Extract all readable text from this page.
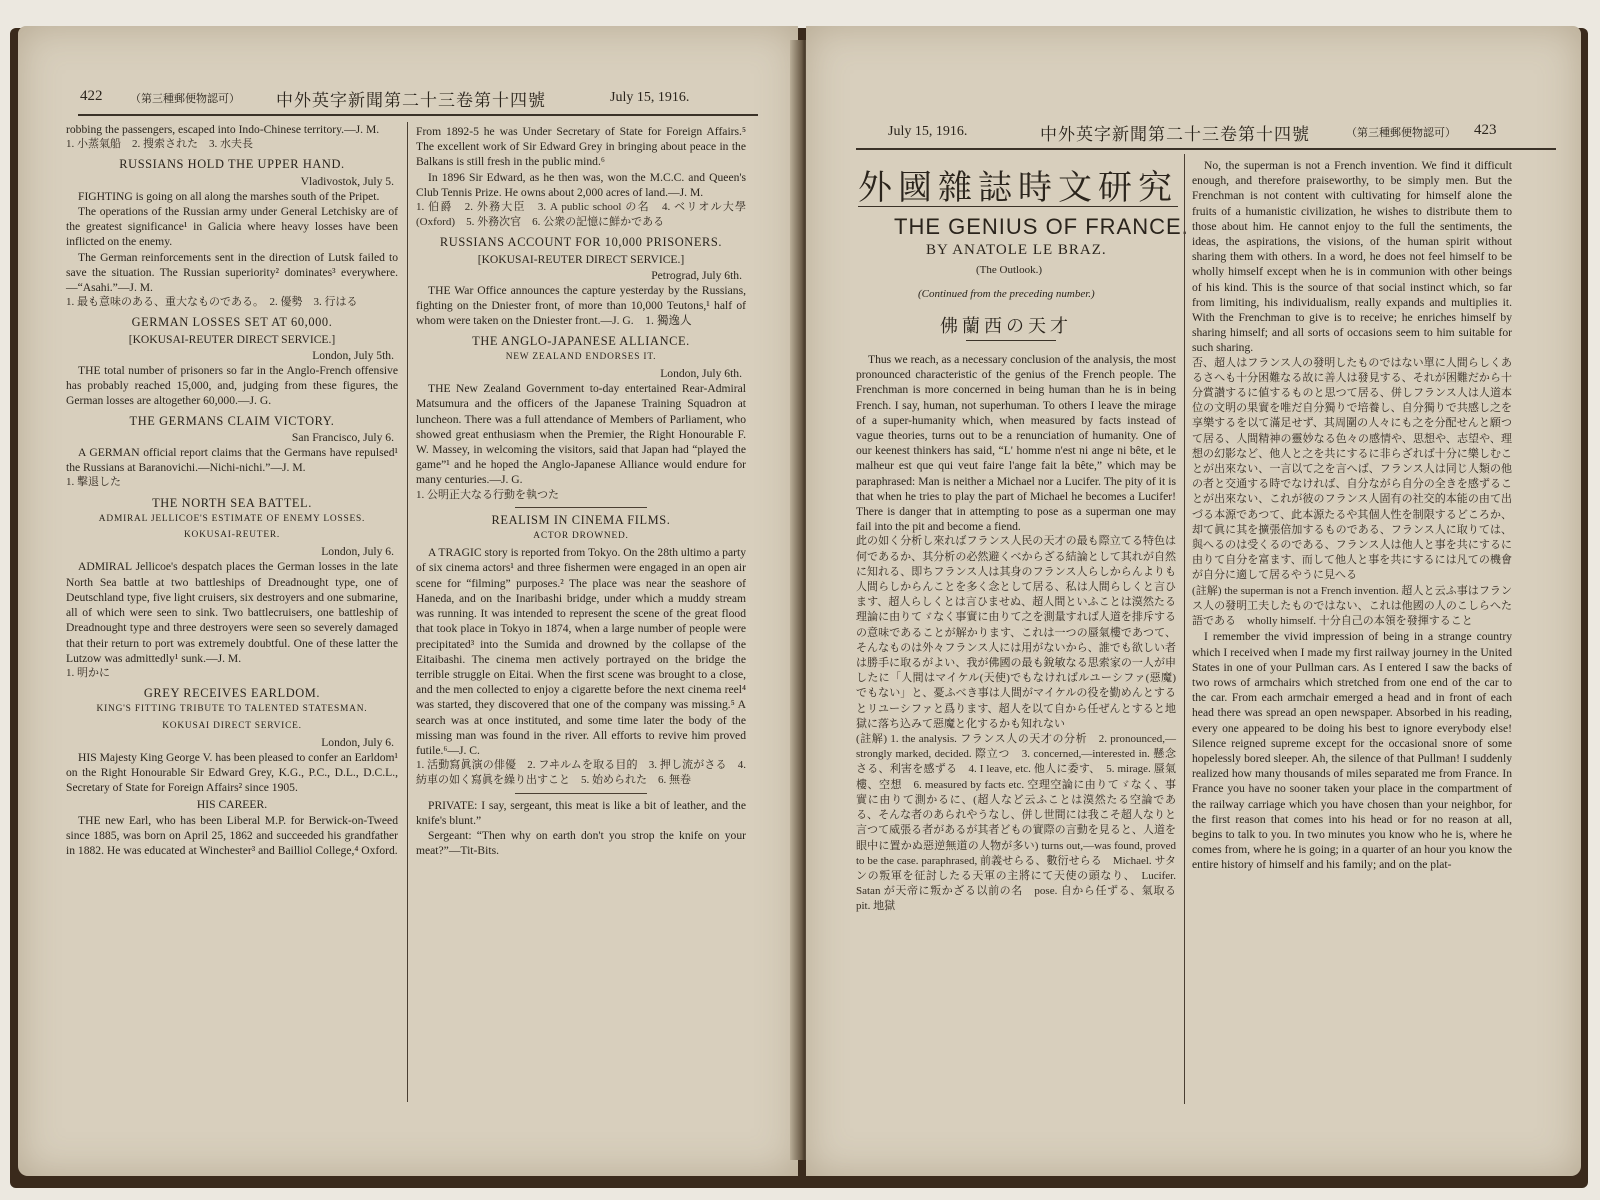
422	（第三種郵便物認可） 中外英字新聞第二十三卷第十四號	July 15, 1916.

robbing the passengers, escaped into Indo-Chinese territory.—J. M.

1. 小蒸氣船　2. 搜索された　3. 水夫長

RUSSIANS HOLD THE UPPER HAND.

Vladivostok, July 5.

FIGHTING is going on all along the marshes south of the Pripet.

The operations of the Russian army under General Letchisky are of the greatest significance¹ in Galicia where heavy losses have been inflicted on the enemy.

The German reinforcements sent in the direction of Lutsk failed to save the situation. The Russian superiority² dominates³ everywhere.—“Asahi.”—J. M.

1. 最も意味のある、重大なものである。　2. 優勢　3. 行はる

GERMAN LOSSES SET AT 60,000.

[KOKUSAI-REUTER DIRECT SERVICE.]

London, July 5th.

THE total number of prisoners so far in the Anglo-French offensive has probably reached 15,000, and, judging from these figures, the German losses are altogether 60,000.—J. G.

THE GERMANS CLAIM VICTORY.

San Francisco, July 6.

A GERMAN official report claims that the Germans have repulsed¹ the Russians at Baranovichi.—Nichi-nichi.”—J. M.

1. 擊退した

THE NORTH SEA BATTEL.

ADMIRAL JELLICOE'S ESTIMATE OF ENEMY LOSSES.

KOKUSAI-REUTER.

London, July 6.

ADMIRAL Jellicoe's despatch places the German losses in the late North Sea battle at two battleships of Dreadnought type, one of Deutschland type, five light cruisers, six destroyers and one submarine, all of which were seen to sink. Two battlecruisers, one battleship of Dreadnought type and three destroyers were seen so severely damaged that their return to port was extremely doubtful. One of these latter the Lutzow was admittedly¹ sunk.—J. M.

1. 明かに

GREY RECEIVES EARLDOM.

KING'S FITTING TRIBUTE TO TALENTED STATESMAN.

KOKUSAI DIRECT SERVICE.

London, July 6.

HIS Majesty King George V. has been pleased to confer an Earldom¹ on the Right Honourable Sir Edward Grey, K.G., P.C., D.L., D.C.L., Secretary of State for Foreign Affairs² since 1905.

HIS CAREER.

THE new Earl, who has been Liberal M.P. for Berwick-on-Tweed since 1885, was born on April 25, 1862 and succeeded his grandfather in 1882. He was educated at Winchester³ and Bailliol College,⁴ Oxford.

From 1892-5 he was Under Secretary of State for Foreign Affairs.⁵ The excellent work of Sir Edward Grey in bringing about peace in the Balkans is still fresh in the public mind.⁶

In 1896 Sir Edward, as he then was, won the M.C.C. and Queen's Club Tennis Prize. He owns about 2,000 acres of land.—J. M.

1. 伯爵　2. 外務大臣　3. A public school の名　4. ベリオル大學 (Oxford)　5. 外務次官　6. 公衆の記憶に鮮かである

RUSSIANS ACCOUNT FOR 10,000 PRISONERS.

[KOKUSAI-REUTER DIRECT SERVICE.]

Petrograd, July 6th.

THE War Office announces the capture yesterday by the Russians, fighting on the Dniester front, of more than 10,000 Teutons,¹ half of whom were taken on the Dniester front.—J. G.　1. 獨逸人

THE ANGLO-JAPANESE ALLIANCE.

NEW ZEALAND ENDORSES IT.

London, July 6th.

THE New Zealand Government to-day entertained Rear-Admiral Matsumura and the officers of the Japanese Training Squadron at luncheon. There was a full attendance of Members of Parliament, who showed great enthusiasm when the Premier, the Right Honourable F. W. Massey, in welcoming the visitors, said that Japan had “played the game”¹ and he hoped the Anglo-Japanese Alliance would endure for many centuries.—J. G.

1. 公明正大なる行動を執つた

REALISM IN CINEMA FILMS.

ACTOR DROWNED.

A TRAGIC story is reported from Tokyo. On the 28th ultimo a party of six cinema actors¹ and three fishermen were engaged in an open air scene for “filming” purposes.² The place was near the seashore of Haneda, and on the Inaribashi bridge, under which a muddy stream was running. It was intended to represent the scene of the great flood that took place in Tokyo in 1874, when a large number of people were precipitated³ into the Sumida and drowned by the collapse of the Eitaibashi. The cinema men actively portrayed on the bridge the terrible struggle on Eitai. When the first scene was brought to a close, and the men collected to enjoy a cigarette before the next cinema reel⁴ was started, they discovered that one of the company was missing.⁵ A search was at once instituted, and some time later the body of the missing man was found in the river. All efforts to revive him proved futile.⁶—J. C.

1. 活動寫眞演の俳優　2. フヰルムを取る目的　3. 押し流がさる　4. 紡車の如く寫眞を繰り出すこと　5. 始められた　6. 無卷

PRIVATE: I say, sergeant, this meat is like a bit of leather, and the knife's blunt.”

Sergeant: “Then why on earth don't you strop the knife on your meat?”—Tit-Bits.

July 15, 1916.	中外英字新聞第二十三卷第十四號	（第三種郵便物認可） 423
外國雜誌時文研究
THE GENIUS OF FRANCE.
BY ANATOLE LE BRAZ.
(The Outlook.)
(Continued from the preceding number.)
佛蘭西の天才

Thus we reach, as a necessary conclusion of the analysis, the most pronounced characteristic of the genius of the French people. The Frenchman is more concerned in being human than he is in being French. I say, human, not superhuman. To others I leave the mirage of a super-humanity which, when measured by facts instead of vague theories, turns out to be a renunciation of humanity. One of our keenest thinkers has said, “L' homme n'est ni ange ni bête, et le malheur est que qui veut faire l'ange fait la bête,” which may be paraphrased: Man is neither a Michael nor a Lucifer. The pity of it is that when he tries to play the part of Michael he becomes a Lucifer! There is danger that in attempting to pose as a superman one may fail into the pit and become a fiend.

此の如く分析し來ればフランス人民の天才の最も際立てる特色は何であるか、其分析の必然避くべからざる結論として其れが自然に知れる、即ちフランス人は其身のフランス人らしからんよりも人間らしからんことを多く念として居る、私は人間らしくと言ひます、超人らしくとは言ひませぬ、超人間といふことは漠然たる理論に由りてゞなく事實に由りて之を測量すれば人道を排斥するの意味であることが解かります、これは一つの蜃氣樓であつて、そんなものは外々フランス人には用がないから、誰でも欲しい者は勝手に取るがよい、我が佛國の最も銳敏なる思索家の一人が申したに「人間はマイケル(天使)でもなければルユーシファ(惡魔)でもない」と、憂ふべき事は人間がマイケルの役を勤めんとするとリユーシファと爲ります、超人を以て自から任ぜんとすると地獄に落ち込みて惡魔と化するかも知れない

(註解) 1. the analysis. フランス人の天才の分析　2. pronounced,—strongly marked, decided. 際立つ　3. concerned,—interested in. 懸念さる、利害を感ずる　4. I leave, etc. 他人に委す、　5. mirage. 蜃氣樓、空想　6. measured by facts etc. 空理空論に由りてゞなく、事實に由りて測かるに、(超人など云ふことは漠然たる空論である、そんな者のあられやうなし、併し世間には我こそ超人なりと言つて威張る者があるが其者どもの實際の言動を見ると、人道を眼中に置かぬ惡逆無道の人物が多い) turns out,—was found, proved to be the case. paraphrased, 前義せらる、數衍せらる　Michael. サタンの叛軍を征討したる天軍の主將にて天使の頭なり、　Lucifer. Satan が天帝に叛かざる以前の名　pose. 自から任ずる、氣取る　pit. 地獄

No, the superman is not a French invention. We find it difficult enough, and therefore praiseworthy, to be simply men. But the Frenchman is not content with cultivating for himself alone the fruits of a humanistic civilization, he wishes to distribute them to those about him. He cannot enjoy to the full the sentiments, the ideas, the aspirations, the visions, of the human spirit without sharing them with others. In a word, he does not feel himself to be wholly himself except when he is in communion with other beings of his kind. This is the source of that social instinct which, so far from limiting, his individualism, really expands and multiplies it. With the Frenchman to give is to receive; he enriches himself by sharing himself; and all sorts of occasions seem to him suitable for such sharing.

否、超人はフランス人の發明したものではない單に人間らしくあるさへも十分困難なる故に善人は發見する、それが困難だから十分賞讃するに値するものと思つて居る、併しフランス人は人道本位の文明の果實を唯だ自分獨りで培養し、自分獨りで共感し之を享樂するを以て滿足せず、其周圍の人々にも之を分配せんと願つて居る、人間精神の靈妙なる色々の感情や、思想や、志望や、理想の幻影など、他人と之を共にするに非らざれば十分に樂しむことが出來ない、一言以て之を言へば、フランス人は同じ人類の他の者と交通する時でなければ、自分ながら自分の全きを感ずることが出來ない、これが彼のフランス人固有の社交的本能の由て出づる本源であつて、此本源たるや其個人性を制限するどころか、却て眞に其を擴張倍加するものである、フランス人に取りては、與へるのは受くるのである、フランス人は他人と事を共にするに由りて自分を富ます、而して他人と事を共にするには凡ての機會が自分に適して居るやうに見へる

(註解) the superman is not a French invention. 超人と云ふ事はフランス人の發明工夫したものではない、これは他國の人のこしらへた語である　wholly himself. 十分自己の本領を發揮すること

I remember the vivid impression of being in a strange country which I received when I made my first railway journey in the United States in one of your Pullman cars. As I entered I saw the backs of two rows of armchairs which stretched from one end of the car to the car. From each armchair emerged a head and in front of each head there was spread an open newspaper. Absorbed in his reading, every one appeared to be doing his best to ignore everybody else! Silence reigned supreme except for the occasional snore of some hopelessly bored sleeper. Ah, the silence of that Pullman! I suddenly realized how many thousands of miles separated me from France. In France you have no sooner taken your place in the compartment of the railway carriage which you have chosen than your neighbor, for the first reason that comes into his head or for no reason at all, begins to talk to you. In two minutes you know who he is, where he comes from, where he is going; in a quarter of an hour you know the entire history of himself and his family; and on the plat-
